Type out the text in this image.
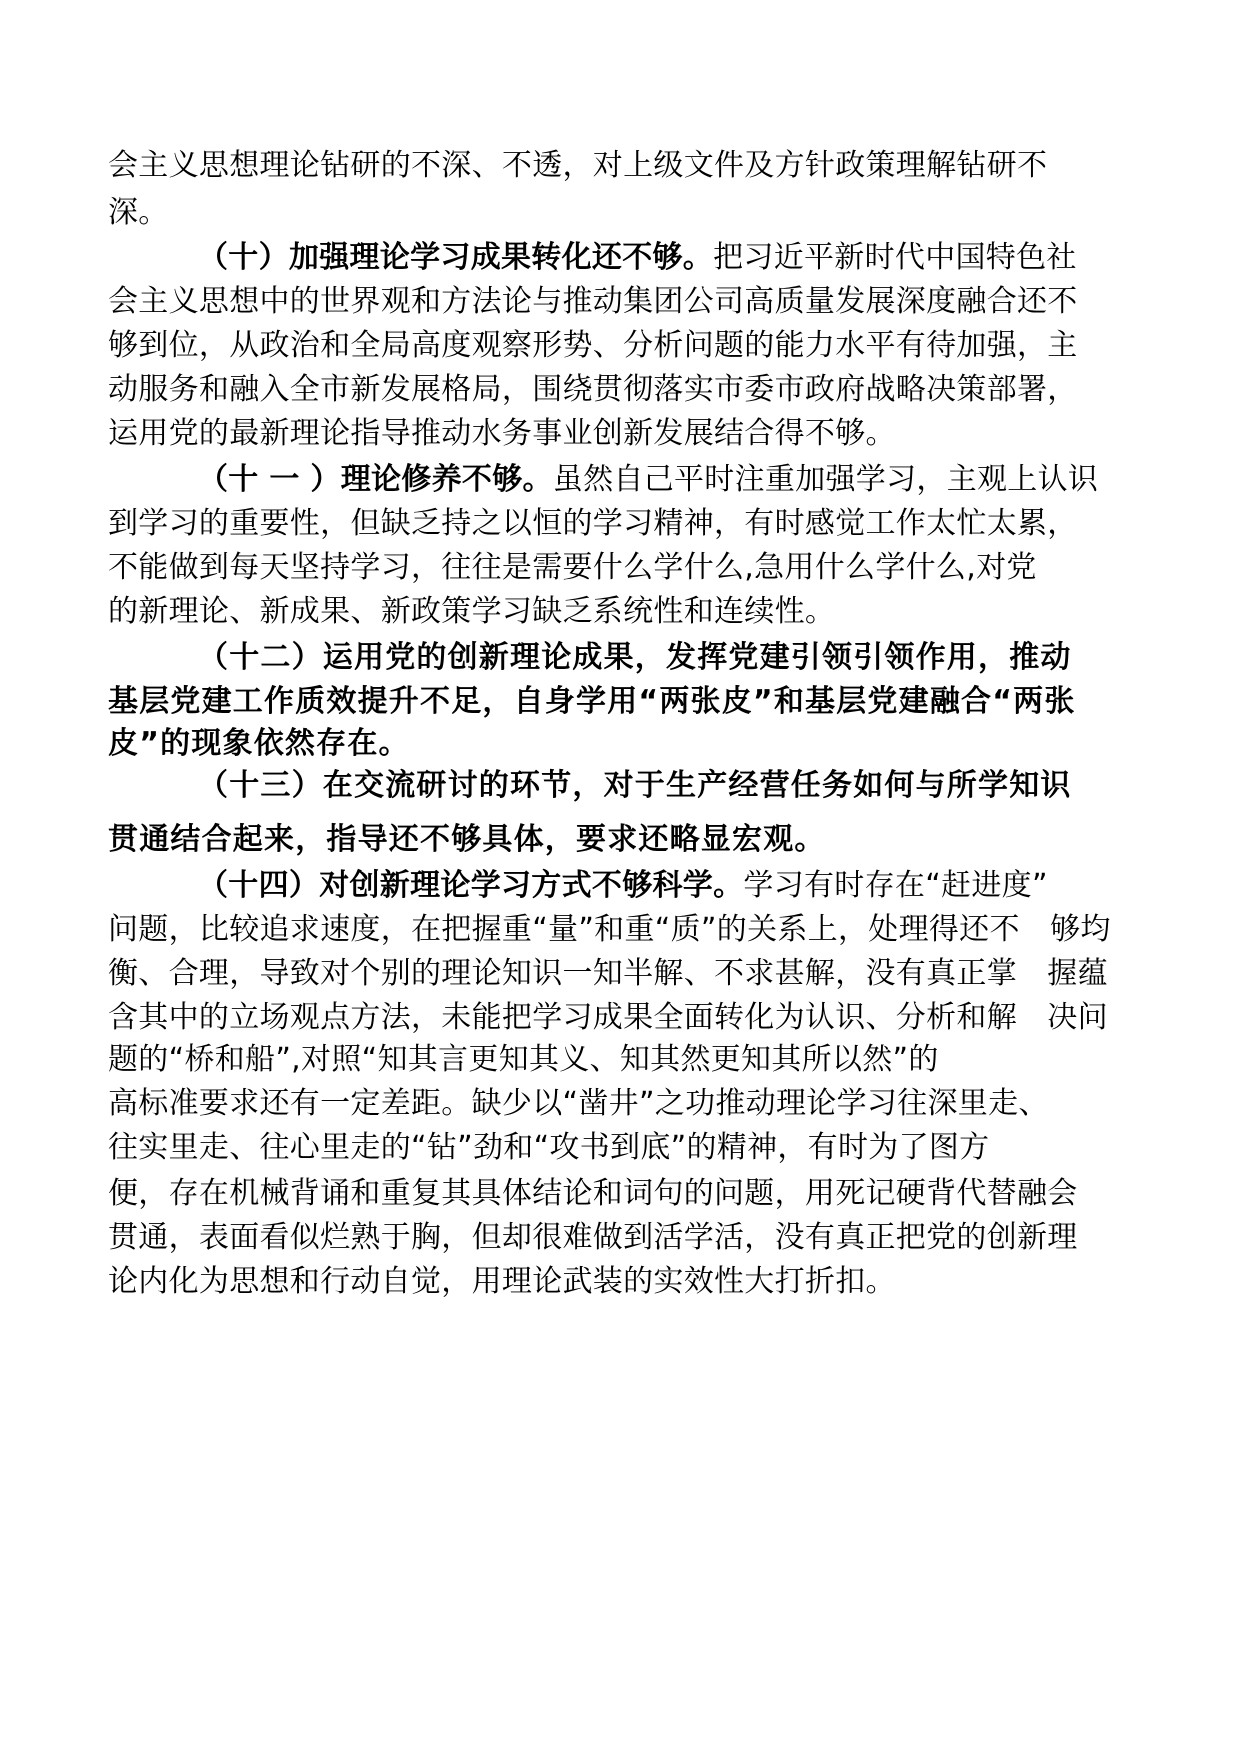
会主义思想理论钻研的不深、不透，对上级文件及方针政策理解钻研不
深。
（十）加强理论学习成果转化还不够。把习近平新时代中国特色社
会主义思想中的世界观和方法论与推动集团公司高质量发展深度融合还不
够到位，从政治和全局高度观察形势、分析问题的能力水平有待加强，主
动服务和融入全市新发展格局，围绕贯彻落实市委市政府战略决策部署，
运用党的最新理论指导推动水务事业创新发展结合得不够。
（十 一 ）理论修养不够。虽然自己平时注重加强学习，主观上认识
到学习的重要性，但缺乏持之以恒的学习精神，有时感觉工作太忙太累，
不能做到每天坚持学习，往往是需要什么学什么,急用什么学什么,对党
的新理论、新成果、新政策学习缺乏系统性和连续性。
（十二）运用党的创新理论成果，发挥党建引领引领作用，推动
基层党建工作质效提升不足，自身学用“两张皮”和基层党建融合“两张
皮”的现象依然存在。
（十三）在交流研讨的环节，对于生产经营任务如何与所学知识
贯通结合起来，指导还不够具体，要求还略显宏观。
（十四）对创新理论学习方式不够科学。学习有时存在“赶进度”
问题，比较追求速度，在把握重“量”和重“质”的关系上，处理得还不　够均
衡、合理，导致对个别的理论知识一知半解、不求甚解，没有真正掌　握蕴
含其中的立场观点方法，未能把学习成果全面转化为认识、分析和解　决问
题的“桥和船”,对照“知其言更知其义、知其然更知其所以然”的
高标准要求还有一定差距。缺少以“凿井”之功推动理论学习往深里走、
往实里走、往心里走的“钻”劲和“攻书到底”的精神，有时为了图方
便，存在机械背诵和重复其具体结论和词句的问题，用死记硬背代替融会
贯通，表面看似烂熟于胸，但却很难做到活学活，没有真正把党的创新理
论内化为思想和行动自觉，用理论武装的实效性大打折扣。
